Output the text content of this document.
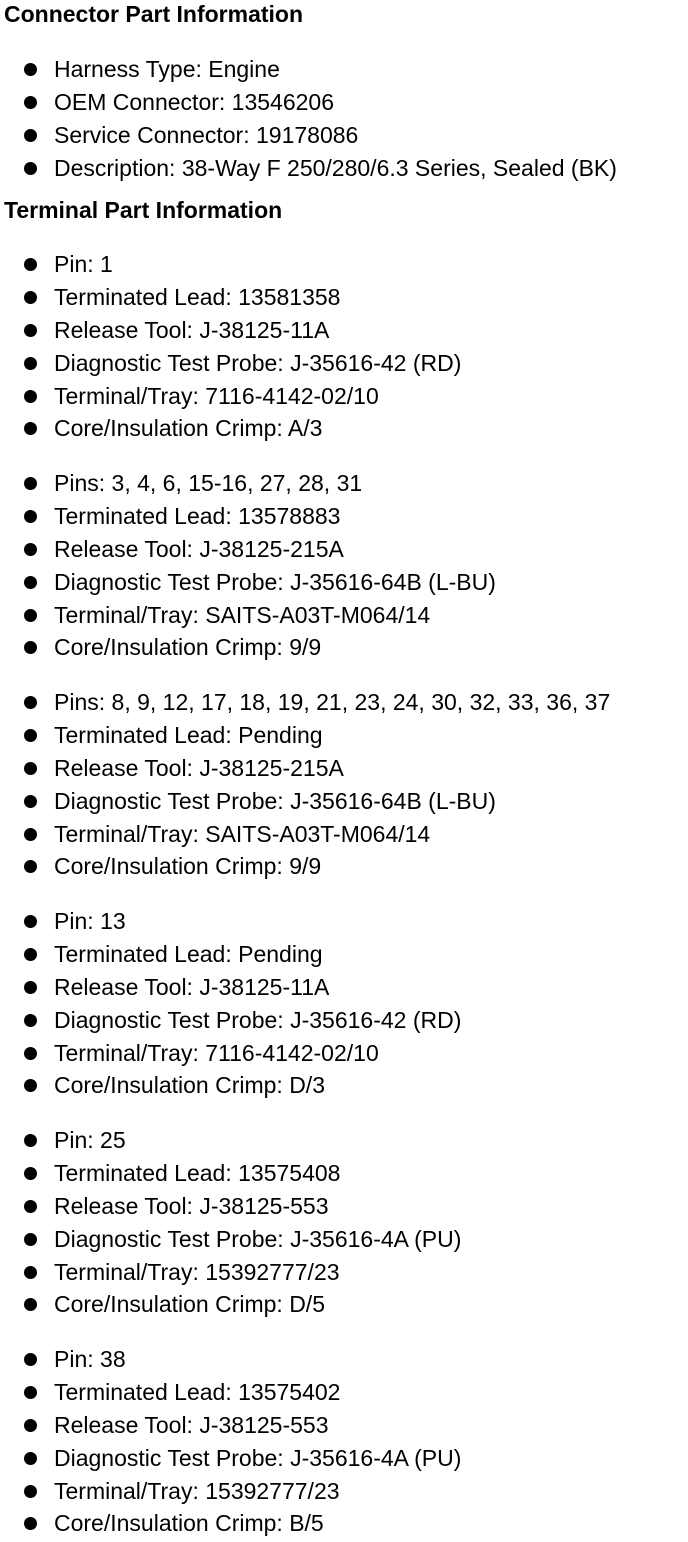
Connector Part Information
Harness Type: Engine
OEM Connector: 13546206
Service Connector: 19178086
Description: 38-Way F 250/280/6.3 Series, Sealed (BK)
Terminal Part Information
Pin: 1
Terminated Lead: 13581358
Release Tool: J-38125-11A
Diagnostic Test Probe: J-35616-42 (RD)
Terminal/Tray: 7116-4142-02/10
Core/Insulation Crimp: A/3
Pins: 3, 4, 6, 15-16, 27, 28, 31
Terminated Lead: 13578883
Release Tool: J-38125-215A
Diagnostic Test Probe: J-35616-64B (L-BU)
Terminal/Tray: SAITS-A03T-M064/14
Core/Insulation Crimp: 9/9
Pins: 8, 9, 12, 17, 18, 19, 21, 23, 24, 30, 32, 33, 36, 37
Terminated Lead: Pending
Release Tool: J-38125-215A
Diagnostic Test Probe: J-35616-64B (L-BU)
Terminal/Tray: SAITS-A03T-M064/14
Core/Insulation Crimp: 9/9
Pin: 13
Terminated Lead: Pending
Release Tool: J-38125-11A
Diagnostic Test Probe: J-35616-42 (RD)
Terminal/Tray: 7116-4142-02/10
Core/Insulation Crimp: D/3
Pin: 25
Terminated Lead: 13575408
Release Tool: J-38125-553
Diagnostic Test Probe: J-35616-4A (PU)
Terminal/Tray: 15392777/23
Core/Insulation Crimp: D/5
Pin: 38
Terminated Lead: 13575402
Release Tool: J-38125-553
Diagnostic Test Probe: J-35616-4A (PU)
Terminal/Tray: 15392777/23
Core/Insulation Crimp: B/5
